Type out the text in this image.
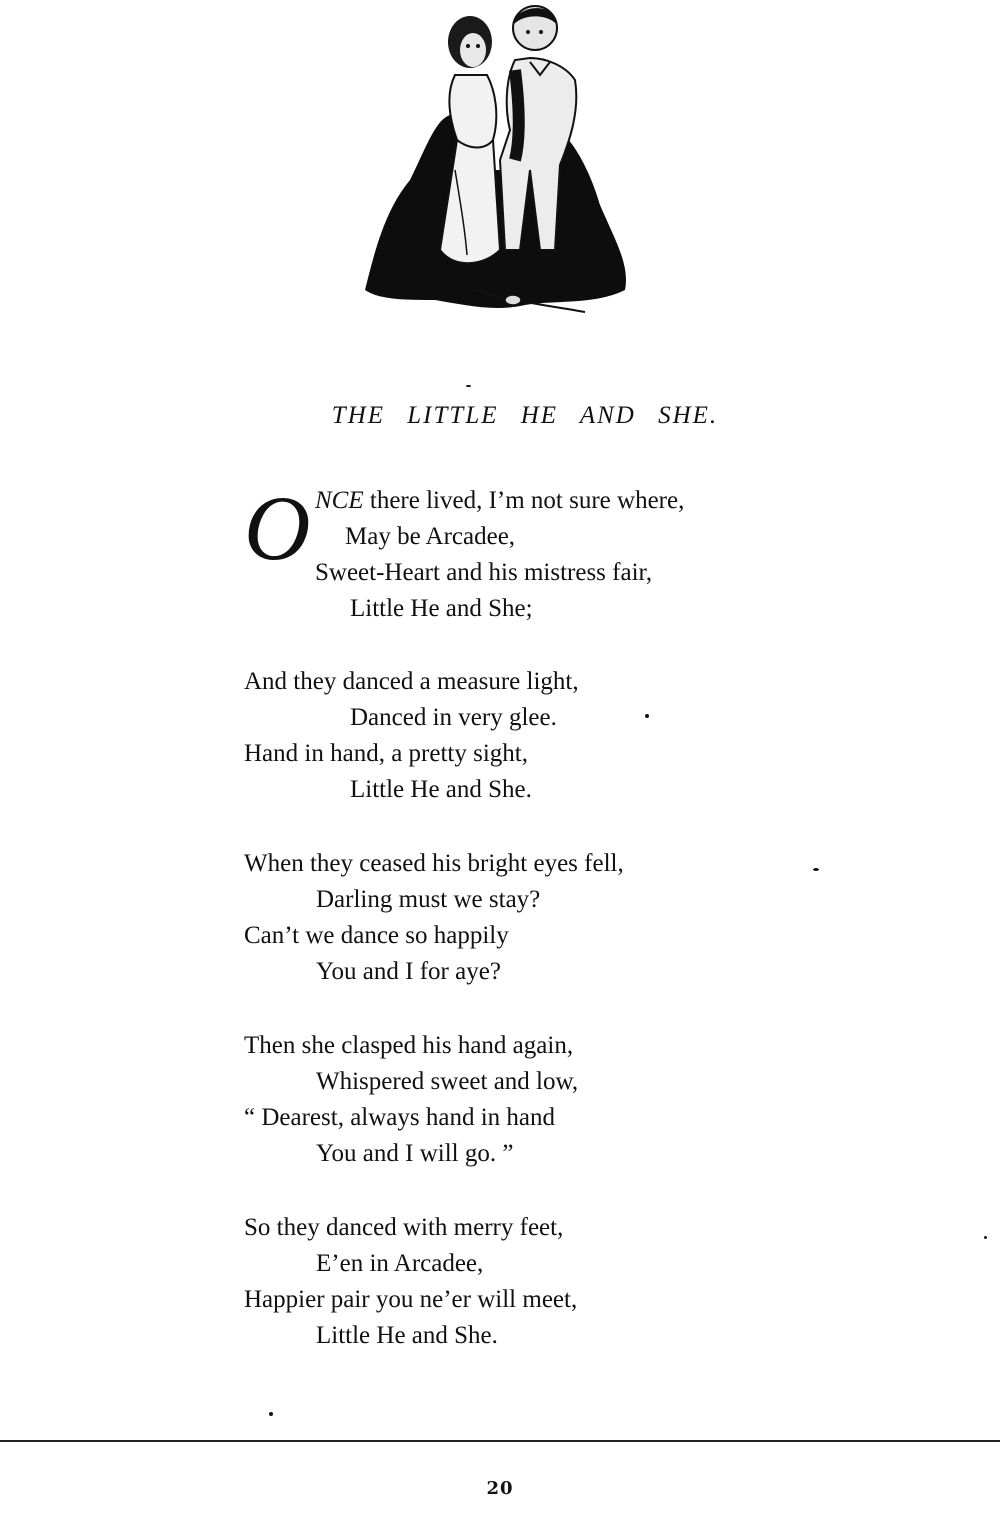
THE LITTLE HE AND SHE.
O NCE there lived, I’m not sure where,
May be Arcadee,
Sweet-Heart and his mistress fair,
Little He and She;
And they danced a measure light,
Danced in very glee.
Hand in hand, a pretty sight,
Little He and She.
When they ceased his bright eyes fell,
Darling must we stay?
Can’t we dance so happily
You and I for aye?
Then she clasped his hand again,
Whispered sweet and low,
“ Dearest, always hand in hand
You and I will go. ”
So they danced with merry feet,
E’en in Arcadee,
Happier pair you ne’er will meet,
Little He and She.
20
